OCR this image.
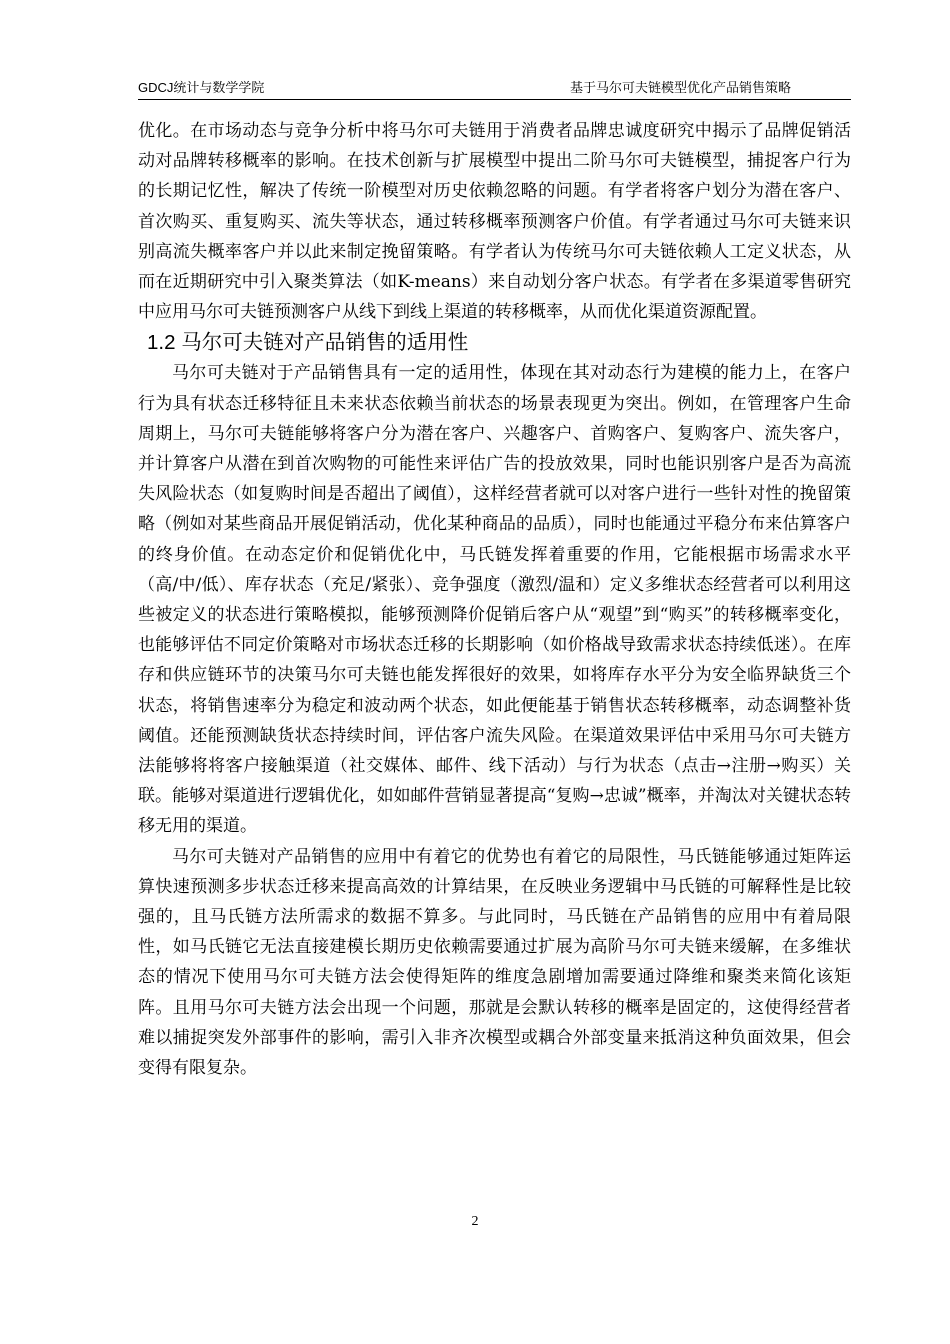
GDCJ统计与数学学院	基于马尔可夫链模型优化产品销售策略

优化。在市场动态与竞争分析中将马尔可夫链用于消费者品牌忠诚度研究中揭示了品牌促销活动对品牌转移概率的影响。在技术创新与扩展模型中提出二阶马尔可夫链模型，捕捉客户行为的长期记忆性，解决了传统一阶模型对历史依赖忽略的问题。有学者将客户划分为潜在客户、首次购买、重复购买、流失等状态，通过转移概率预测客户价值。有学者通过马尔可夫链来识别高流失概率客户并以此来制定挽留策略。有学者认为传统马尔可夫链依赖人工定义状态，从而在近期研究中引入聚类算法（如K-means）来自动划分客户状态。有学者在多渠道零售研究中应用马尔可夫链预测客户从线下到线上渠道的转移概率，从而优化渠道资源配置。

1.2 马尔可夫链对产品销售的适用性

马尔可夫链对于产品销售具有一定的适用性，体现在其对动态行为建模的能力上，在客户行为具有状态迁移特征且未来状态依赖当前状态的场景表现更为突出。例如，在管理客户生命周期上，马尔可夫链能够将客户分为潜在客户、兴趣客户、首购客户、复购客户、流失客户，并计算客户从潜在到首次购物的可能性来评估广告的投放效果，同时也能识别客户是否为高流失风险状态（如复购时间是否超出了阈值），这样经营者就可以对客户进行一些针对性的挽留策略（例如对某些商品开展促销活动，优化某种商品的品质），同时也能通过平稳分布来估算客户的终身价值。在动态定价和促销优化中，马氏链发挥着重要的作用，它能根据市场需求水平（高/中/低）、库存状态（充足/紧张）、竞争强度（激烈/温和）定义多维状态经营者可以利用这些被定义的状态进行策略模拟，能够预测降价促销后客户从“观望”到“购买”的转移概率变化，也能够评估不同定价策略对市场状态迁移的长期影响（如价格战导致需求状态持续低迷）。在库存和供应链环节的决策马尔可夫链也能发挥很好的效果，如将库存水平分为安全临界缺货三个状态，将销售速率分为稳定和波动两个状态，如此便能基于销售状态转移概率，动态调整补货阈值。还能预测缺货状态持续时间，评估客户流失风险。在渠道效果评估中采用马尔可夫链方法能够将将客户接触渠道（社交媒体、邮件、线下活动）与行为状态（点击→注册→购买）关联。能够对渠道进行逻辑优化，如如邮件营销显著提高“复购→忠诚”概率，并淘汰对关键状态转移无用的渠道。

马尔可夫链对产品销售的应用中有着它的优势也有着它的局限性，马氏链能够通过矩阵运算快速预测多步状态迁移来提高高效的计算结果，在反映业务逻辑中马氏链的可解释性是比较强的，且马氏链方法所需求的数据不算多。与此同时，马氏链在产品销售的应用中有着局限性，如马氏链它无法直接建模长期历史依赖需要通过扩展为高阶马尔可夫链来缓解，在多维状态的情况下使用马尔可夫链方法会使得矩阵的维度急剧增加需要通过降维和聚类来简化该矩阵。且用马尔可夫链方法会出现一个问题，那就是会默认转移的概率是固定的，这使得经营者难以捕捉突发外部事件的影响，需引入非齐次模型或耦合外部变量来抵消这种负面效果，但会变得有限复杂。

2
